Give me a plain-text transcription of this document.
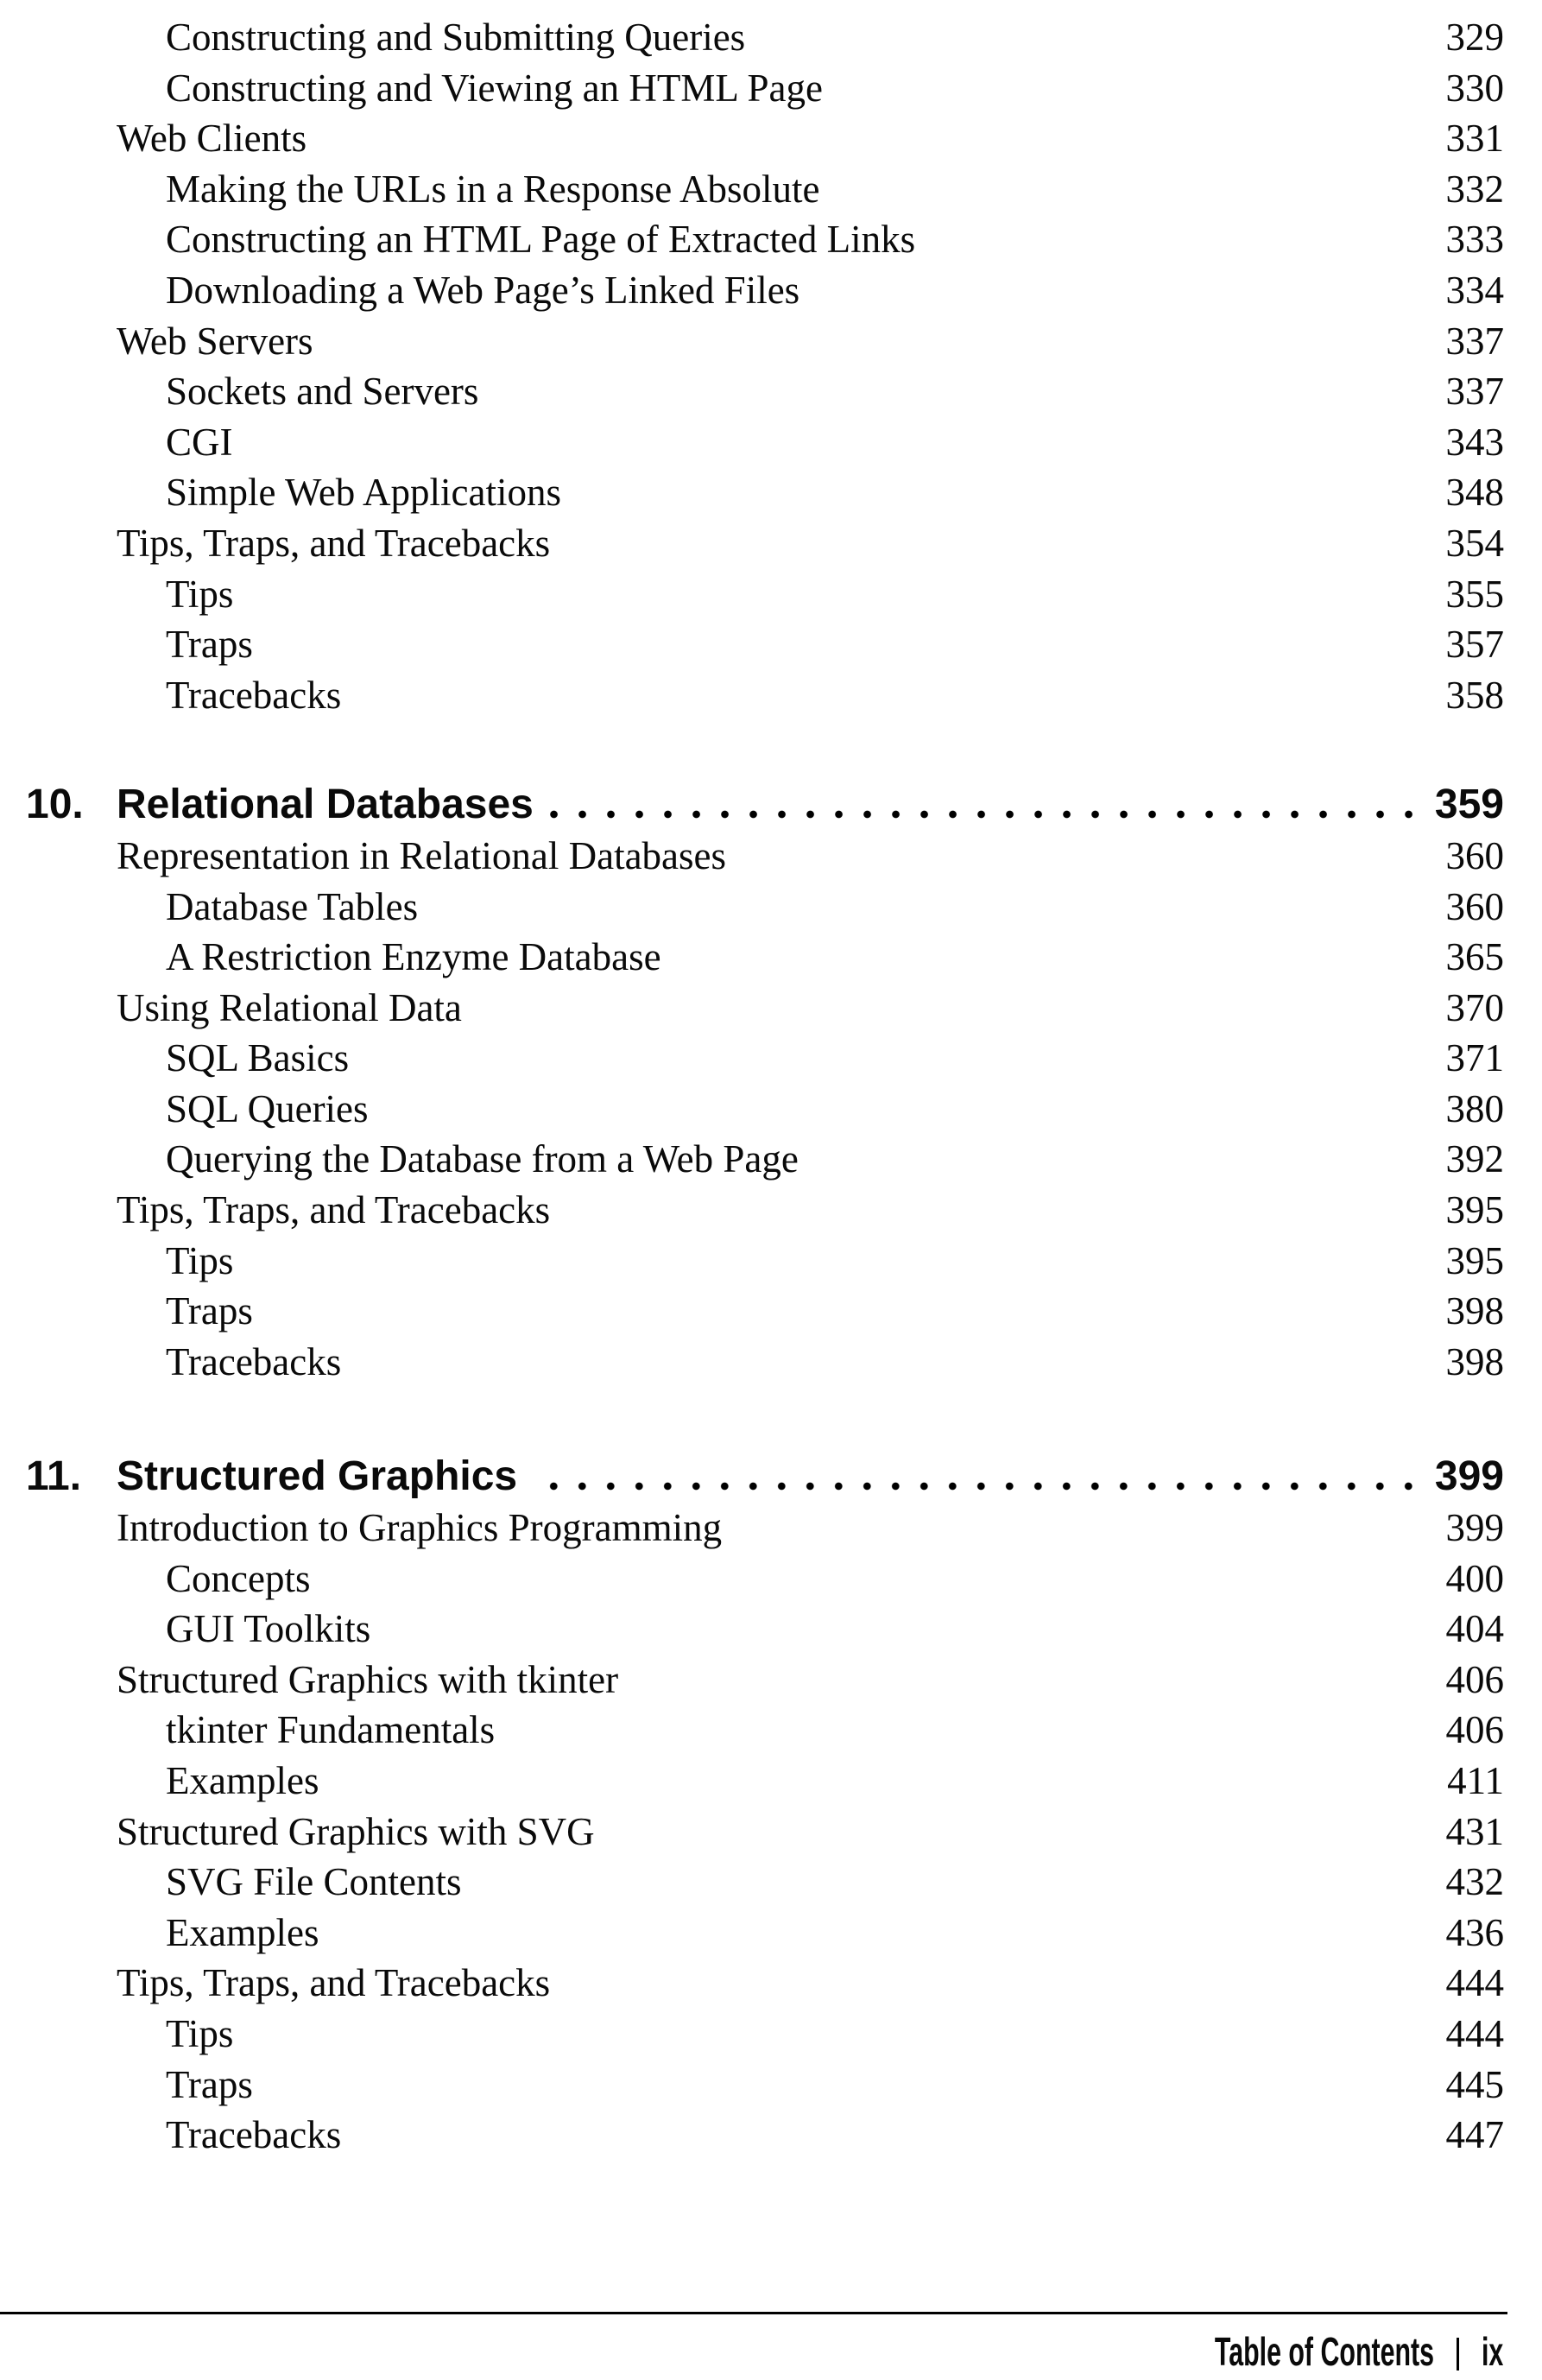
Constructing and Submitting Queries	329
Constructing and Viewing an HTML Page	330
Web Clients	331
Making the URLs in a Response Absolute	332
Constructing an HTML Page of Extracted Links	333
Downloading a Web Page’s Linked Files	334
Web Servers	337
Sockets and Servers	337
CGI	343
Simple Web Applications	348
Tips, Traps, and Tracebacks	354
Tips	355
Traps	357
Tracebacks	358
10. Relational Databases	359
Representation in Relational Databases	360
Database Tables	360
A Restriction Enzyme Database	365
Using Relational Data	370
SQL Basics	371
SQL Queries	380
Querying the Database from a Web Page	392
Tips, Traps, and Tracebacks	395
Tips	395
Traps	398
Tracebacks	398
11. Structured Graphics	399
Introduction to Graphics Programming	399
Concepts	400
GUI Toolkits	404
Structured Graphics with tkinter	406
tkinter Fundamentals	406
Examples	411
Structured Graphics with SVG	431
SVG File Contents	432
Examples	436
Tips, Traps, and Tracebacks	444
Tips	444
Traps	445
Tracebacks	447
Table of Contents ix
